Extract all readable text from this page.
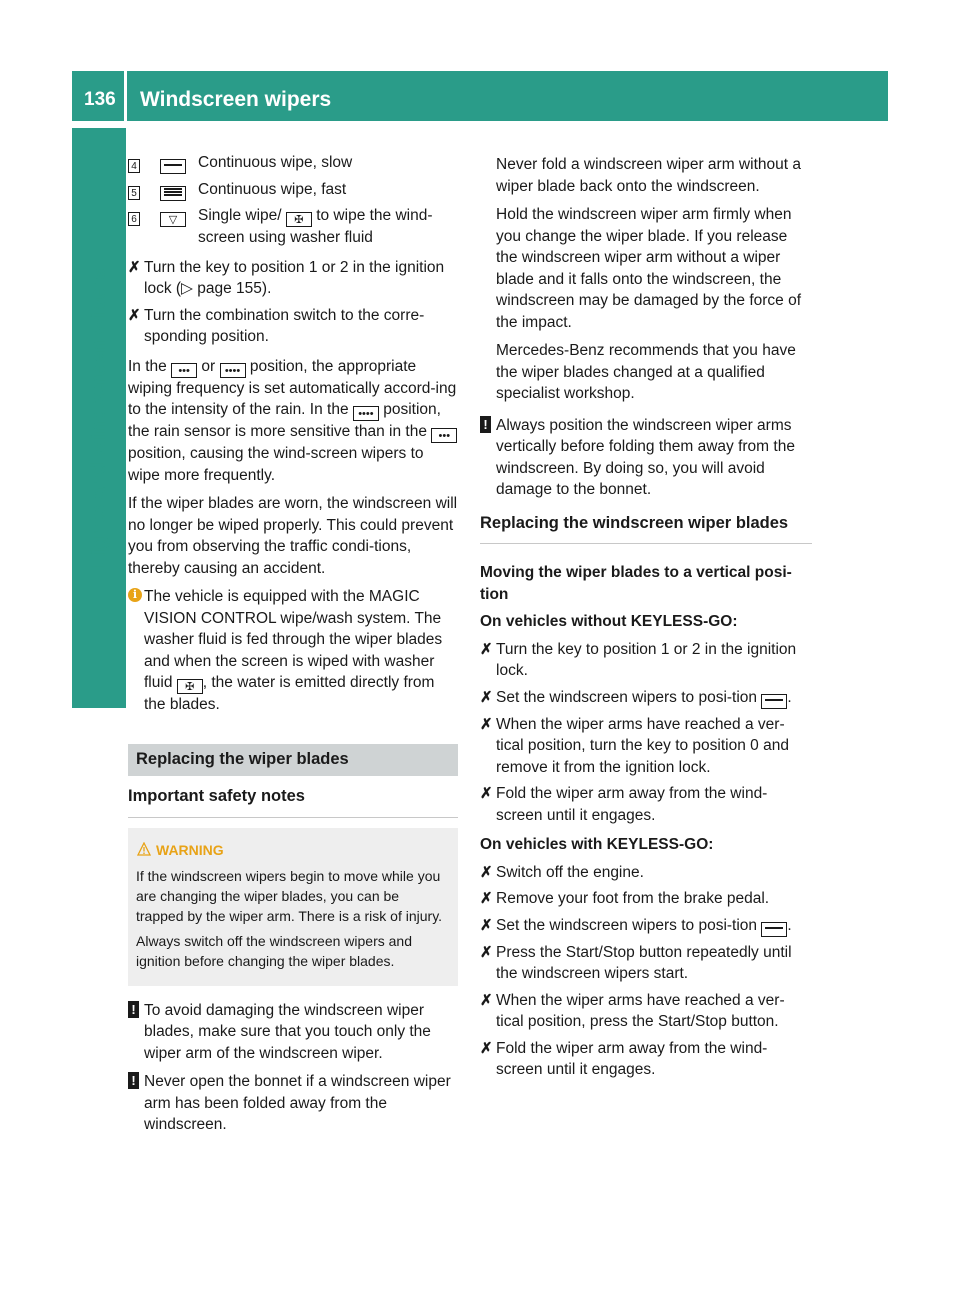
136 Windscreen wipers
Lights and windscreen wipers
4	Continuous wipe, slow
5	Continuous wipe, fast
6	▽	Single wipe/ ✠ to wipe the wind-screen using washer fluid
✗ Turn the key to position 1 or 2 in the ignition lock (▷ page 155).
✗ Turn the combination switch to the corre-sponding position.

In the ••• or •••• position, the appropriate wiping frequency is set automatically accord-ing to the intensity of the rain. In the •••• position, the rain sensor is more sensitive than in the ••• position, causing the wind-screen wipers to wipe more frequently.

If the wiper blades are worn, the windscreen will no longer be wiped properly. This could prevent you from observing the traffic condi-tions, thereby causing an accident.

i The vehicle is equipped with the MAGIC VISION CONTROL wipe/wash system. The washer fluid is fed through the wiper blades and when the screen is wiped with washer fluid ✠ , the water is emitted directly from the blades.
Replacing the wiper blades
Important safety notes
WARNING

If the windscreen wipers begin to move while you are changing the wiper blades, you can be trapped by the wiper arm. There is a risk of injury.

Always switch off the windscreen wipers and ignition before changing the wiper blades.

! To avoid damaging the windscreen wiper blades, make sure that you touch only the wiper arm of the windscreen wiper.
! Never open the bonnet if a windscreen wiper arm has been folded away from the windscreen.

Never fold a windscreen wiper arm without a wiper blade back onto the windscreen.

Hold the windscreen wiper arm firmly when you change the wiper blade. If you release the windscreen wiper arm without a wiper blade and it falls onto the windscreen, the windscreen may be damaged by the force of the impact.

Mercedes-Benz recommends that you have the wiper blades changed at a qualified specialist workshop.

! Always position the windscreen wiper arms vertically before folding them away from the windscreen. By doing so, you will avoid damage to the bonnet.
Replacing the windscreen wiper blades
Moving the wiper blades to a vertical posi-tion
On vehicles without KEYLESS-GO:
✗ Turn the key to position 1 or 2 in the ignition lock.
✗ Set the windscreen wipers to posi-tion .
✗ When the wiper arms have reached a ver-tical position, turn the key to position 0 and remove it from the ignition lock.
✗ Fold the wiper arm away from the wind-screen until it engages.
On vehicles with KEYLESS-GO:
✗ Switch off the engine.
✗ Remove your foot from the brake pedal.
✗ Set the windscreen wipers to posi-tion .
✗ Press the Start/Stop button repeatedly until the windscreen wipers start.
✗ When the wiper arms have reached a ver-tical position, press the Start/Stop button.
✗ Fold the wiper arm away from the wind-screen until it engages.
